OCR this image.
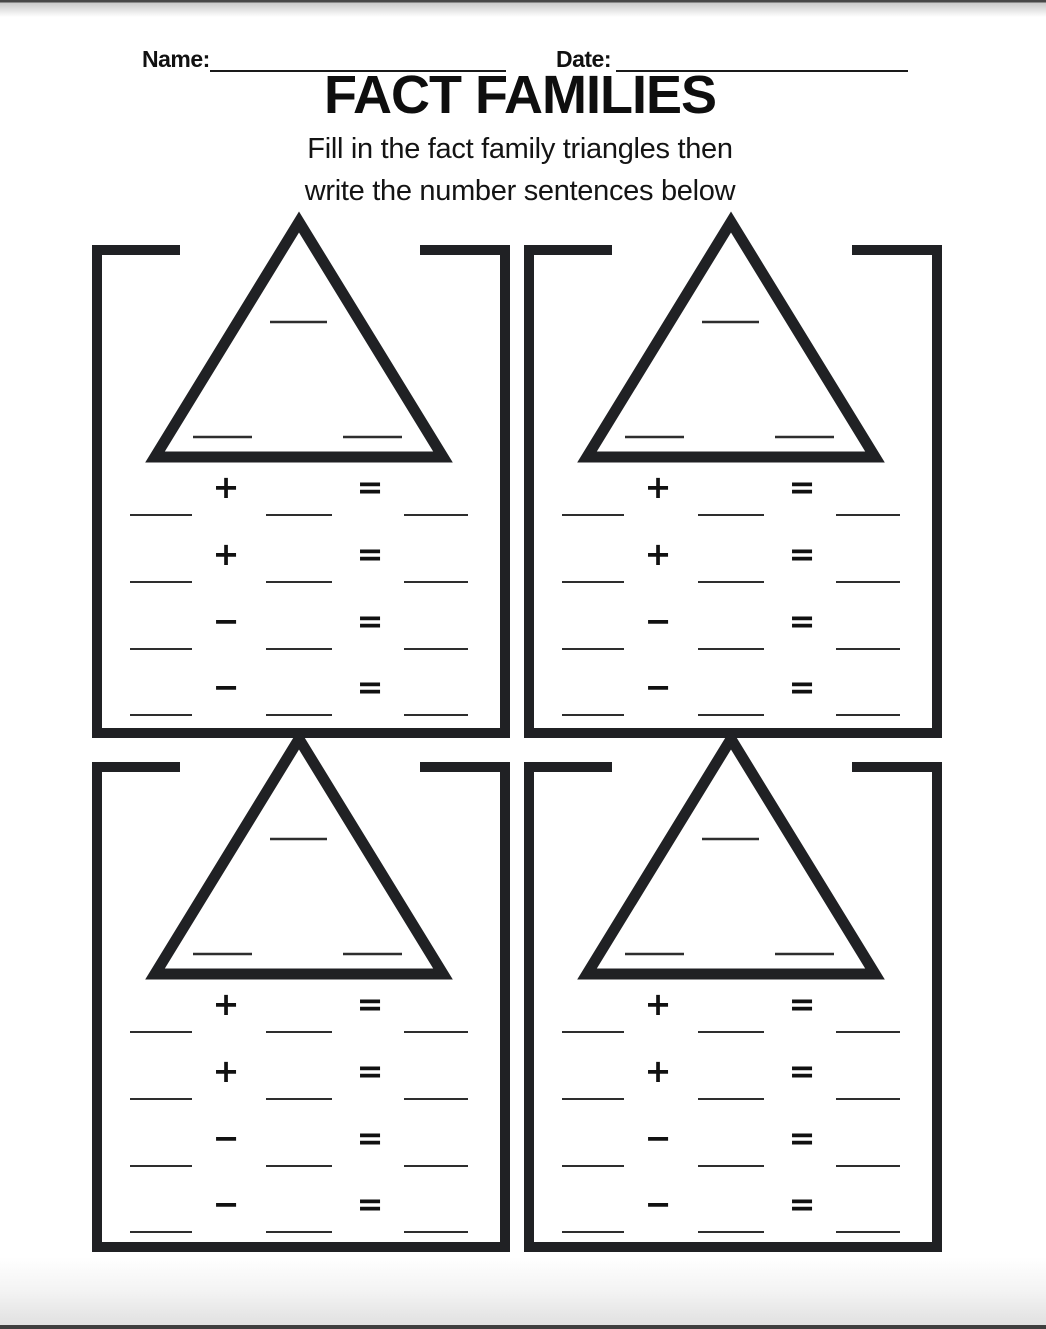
Name:	Date:
FACT FAMILIES
Fill in the fact family triangles then
write the number sentences below
+	=
+	=
−	=
−	=
+	=
+	=
−	=
−	=
+	=
+	=
−	=
−	=
+	=
+	=
−	=
−	=
